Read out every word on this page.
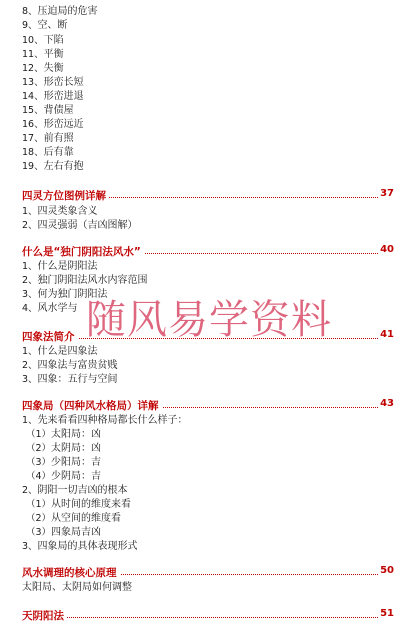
8、压迫局的危害
9、空、断
10、下陷
11、平衡
12、失衡
13、形峦长短
14、形峦进退
15、背债屋
16、形峦远近
17、前有照
18、后有靠
19、左右有抱
四灵方位图例详解	37
1、四灵类象含义
2、四灵强弱（吉凶图解）
什么是“独门阴阳法风水”	40
1、什么是阴阳法
2、独门阴阳法风水内容范围
3、何为独门阴阳法
4、风水学与
四象法简介	41
1、什么是四象法
2、四象法与富贵贫贱
3、四象：五行与空间
四象局（四种风水格局）详解	43
1、先来看看四种格局都长什么样子：
（1）太阳局：凶
（2）太阴局：凶
（3）少阳局：吉
（4）少阴局：吉
2、阴阳一切吉凶的根本
（1）从时间的维度来看
（2）从空间的维度看
（3）四象局吉凶
3、四象局的具体表现形式
风水调理的核心原理	50
太阳局、太阴局如何调整
天阴阳法	51
随风易学资料
